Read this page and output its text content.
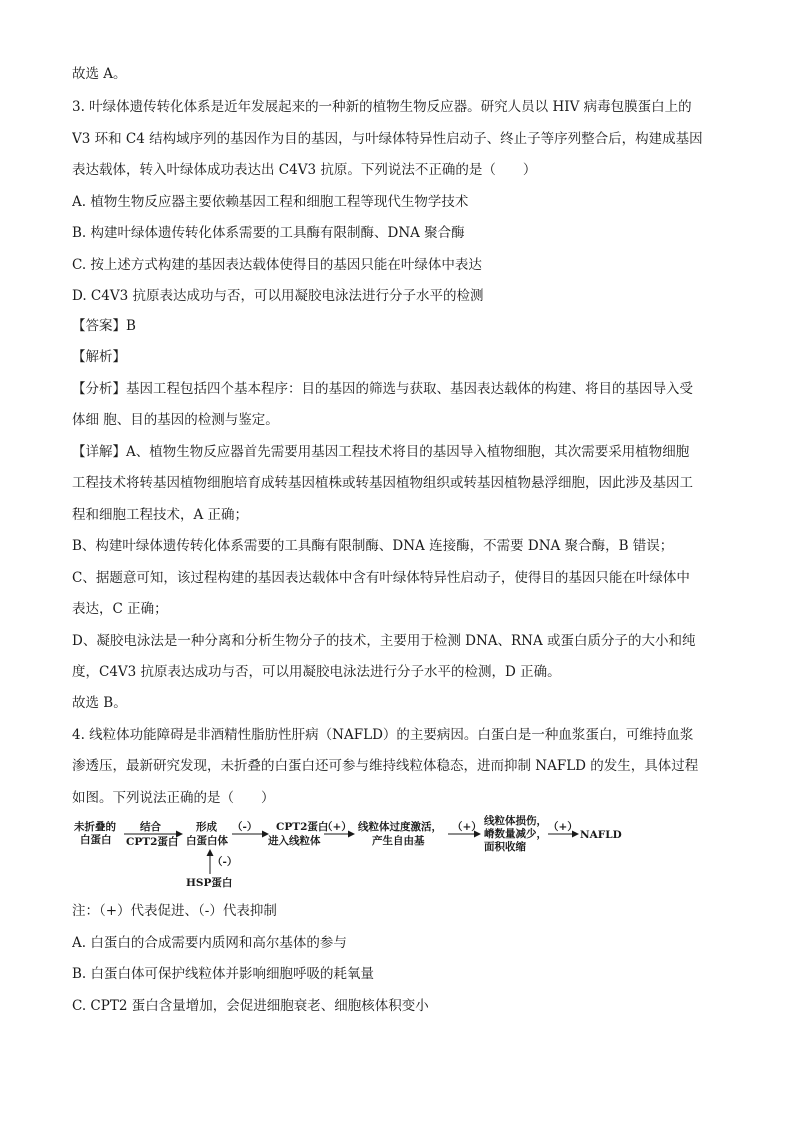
故选 A。
3. 叶绿体遗传转化体系是近年发展起来的一种新的植物生物反应器。研究人员以 HIV 病毒包膜蛋白上的
V3 环和 C4 结构域序列的基因作为目的基因，与叶绿体特异性启动子、终止子等序列整合后，构建成基因
表达载体，转入叶绿体成功表达出 C4V3 抗原。下列说法不正确的是（　　）
A. 植物生物反应器主要依赖基因工程和细胞工程等现代生物学技术
B. 构建叶绿体遗传转化体系需要的工具酶有限制酶、DNA 聚合酶
C. 按上述方式构建的基因表达载体使得目的基因只能在叶绿体中表达
D. C4V3 抗原表达成功与否，可以用凝胶电泳法进行分子水平的检测
【答案】B
【解析】
【分析】基因工程包括四个基本程序：目的基因的筛选与获取、基因表达载体的构建、将目的基因导入受
体细 胞、目的基因的检测与鉴定。
【详解】A、植物生物反应器首先需要用基因工程技术将目的基因导入植物细胞，其次需要采用植物细胞
工程技术将转基因植物细胞培育成转基因植株或转基因植物组织或转基因植物悬浮细胞，因此涉及基因工
程和细胞工程技术，A 正确；
B、构建叶绿体遗传转化体系需要的工具酶有限制酶、DNA 连接酶，不需要 DNA 聚合酶，B 错误；
C、据题意可知，该过程构建的基因表达载体中含有叶绿体特异性启动子，使得目的基因只能在叶绿体中
表达，C 正确；
D、凝胶电泳法是一种分离和分析生物分子的技术，主要用于检测 DNA、RNA 或蛋白质分子的大小和纯
度，C4V3 抗原表达成功与否，可以用凝胶电泳法进行分子水平的检测，D 正确。
故选 B。
4. 线粒体功能障碍是非酒精性脂肪性肝病（NAFLD）的主要病因。白蛋白是一种血浆蛋白，可维持血浆
渗透压，最新研究发现，未折叠的白蛋白还可参与维持线粒体稳态，进而抑制 NAFLD 的发生，具体过程
如图。下列说法正确的是（　　）
未折叠的
白蛋白
结合
CPT2蛋白
形成
白蛋白体
（-） CPT2蛋白
进入线粒体
（+） 线粒体过度激活，
产生自由基
（+） 线粒体损伤，
嵴数量减少，
面积收缩
（+）
NAFLD
（-）
HSP蛋白
注：（+）代表促进、（-）代表抑制
A. 白蛋白的合成需要内质网和高尔基体的参与
B. 白蛋白体可保护线粒体并影响细胞呼吸的耗氧量
C. CPT2 蛋白含量增加，会促进细胞衰老、细胞核体积变小
